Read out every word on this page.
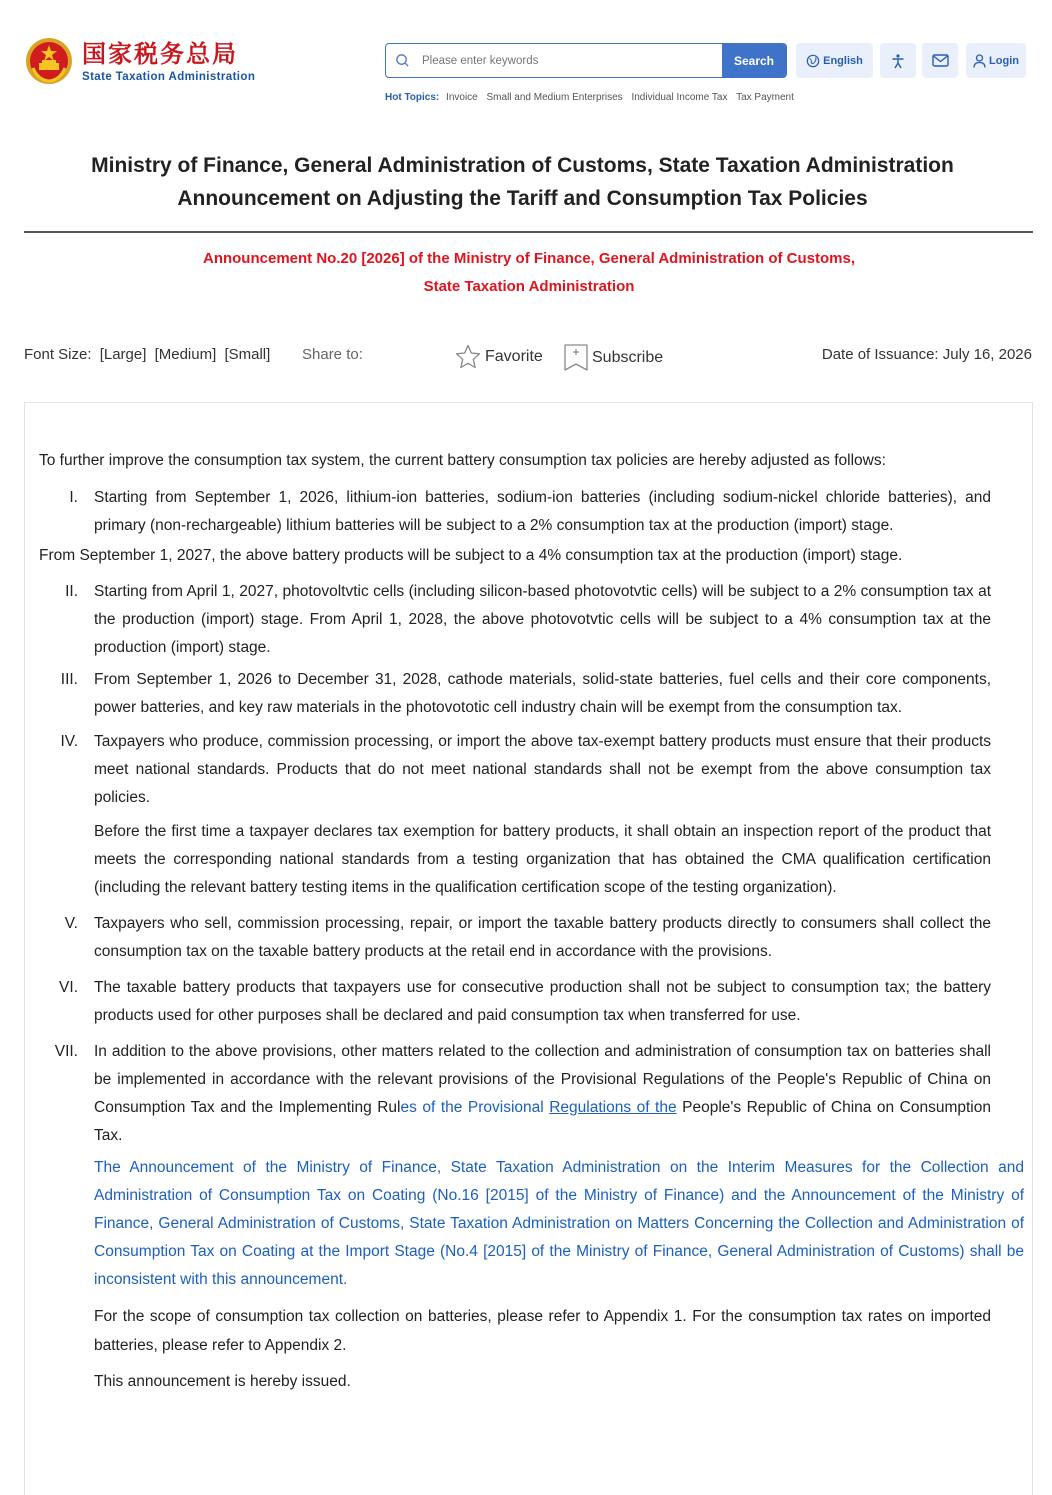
国家税务总局
State Taxation Administration
Please enter keywords
Search	English	Login
Hot Topics: Invoice Small and Medium Enterprises Individual Income Tax Tax Payment
Ministry of Finance, General Administration of Customs, State Taxation Administration
Announcement on Adjusting the Tariff and Consumption Tax Policies
Announcement No.20 [2026] of the Ministry of Finance, General Administration of Customs,
State Taxation Administration
Font Size: [Large] [Medium] [Small] Share to:	Favorite	Subscribe	Date of Issuance: July 16, 2026

To further improve the consumption tax system, the current battery consumption tax policies are hereby adjusted as follows:

I.	Starting from September 1, 2026, lithium-ion batteries, sodium-ion batteries (including sodium-nickel chloride batteries), and primary (non-rechargeable) lithium batteries will be subject to a 2% consumption tax at the production (import) stage.

From September 1, 2027, the above battery products will be subject to a 4% consumption tax at the production (import) stage.

II.	Starting from April 1, 2027, photovoltvtic cells (including silicon-based photovotvtic cells) will be subject to a 2% consumption tax at the production (import) stage. From April 1, 2028, the above photovotvtic cells will be subject to a 4% consumption tax at the production (import) stage.

III.	From September 1, 2026 to December 31, 2028, cathode materials, solid-state batteries, fuel cells and their core components, power batteries, and key raw materials in the photovototic cell industry chain will be exempt from the consumption tax.

IV.	Taxpayers who produce, commission processing, or import the above tax-exempt battery products must ensure that their products meet national standards. Products that do not meet national standards shall not be exempt from the above consumption tax policies.

Before the first time a taxpayer declares tax exemption for battery products, it shall obtain an inspection report of the product that meets the corresponding national standards from a testing organization that has obtained the CMA qualification certification (including the relevant battery testing items in the qualification certification scope of the testing organization).

V.	Taxpayers who sell, commission processing, repair, or import the taxable battery products directly to consumers shall collect the consumption tax on the taxable battery products at the retail end in accordance with the provisions.

VI.	The taxable battery products that taxpayers use for consecutive production shall not be subject to consumption tax; the battery products used for other purposes shall be declared and paid consumption tax when transferred for use.

VII.	In addition to the above provisions, other matters related to the collection and administration of consumption tax on batteries shall be implemented in accordance with the relevant provisions of the Provisional Regulations of the People's Republic of China on Consumption Tax and the Implementing Rules of the Provisional Regulations of the People's Republic of China on Consumption Tax.

The Announcement of the Ministry of Finance, State Taxation Administration on the Interim Measures for the Collection and Administration of Consumption Tax on Coating (No.16 [2015] of the Ministry of Finance) and the Announcement of the Ministry of Finance, General Administration of Customs, State Taxation Administration on Matters Concerning the Collection and Administration of Consumption Tax on Coating at the Import Stage (No.4 [2015] of the Ministry of Finance, General Administration of Customs) shall be inconsistent with this announcement.

For the scope of consumption tax collection on batteries, please refer to Appendix 1. For the consumption tax rates on imported batteries, please refer to Appendix 2.

This announcement is hereby issued.
